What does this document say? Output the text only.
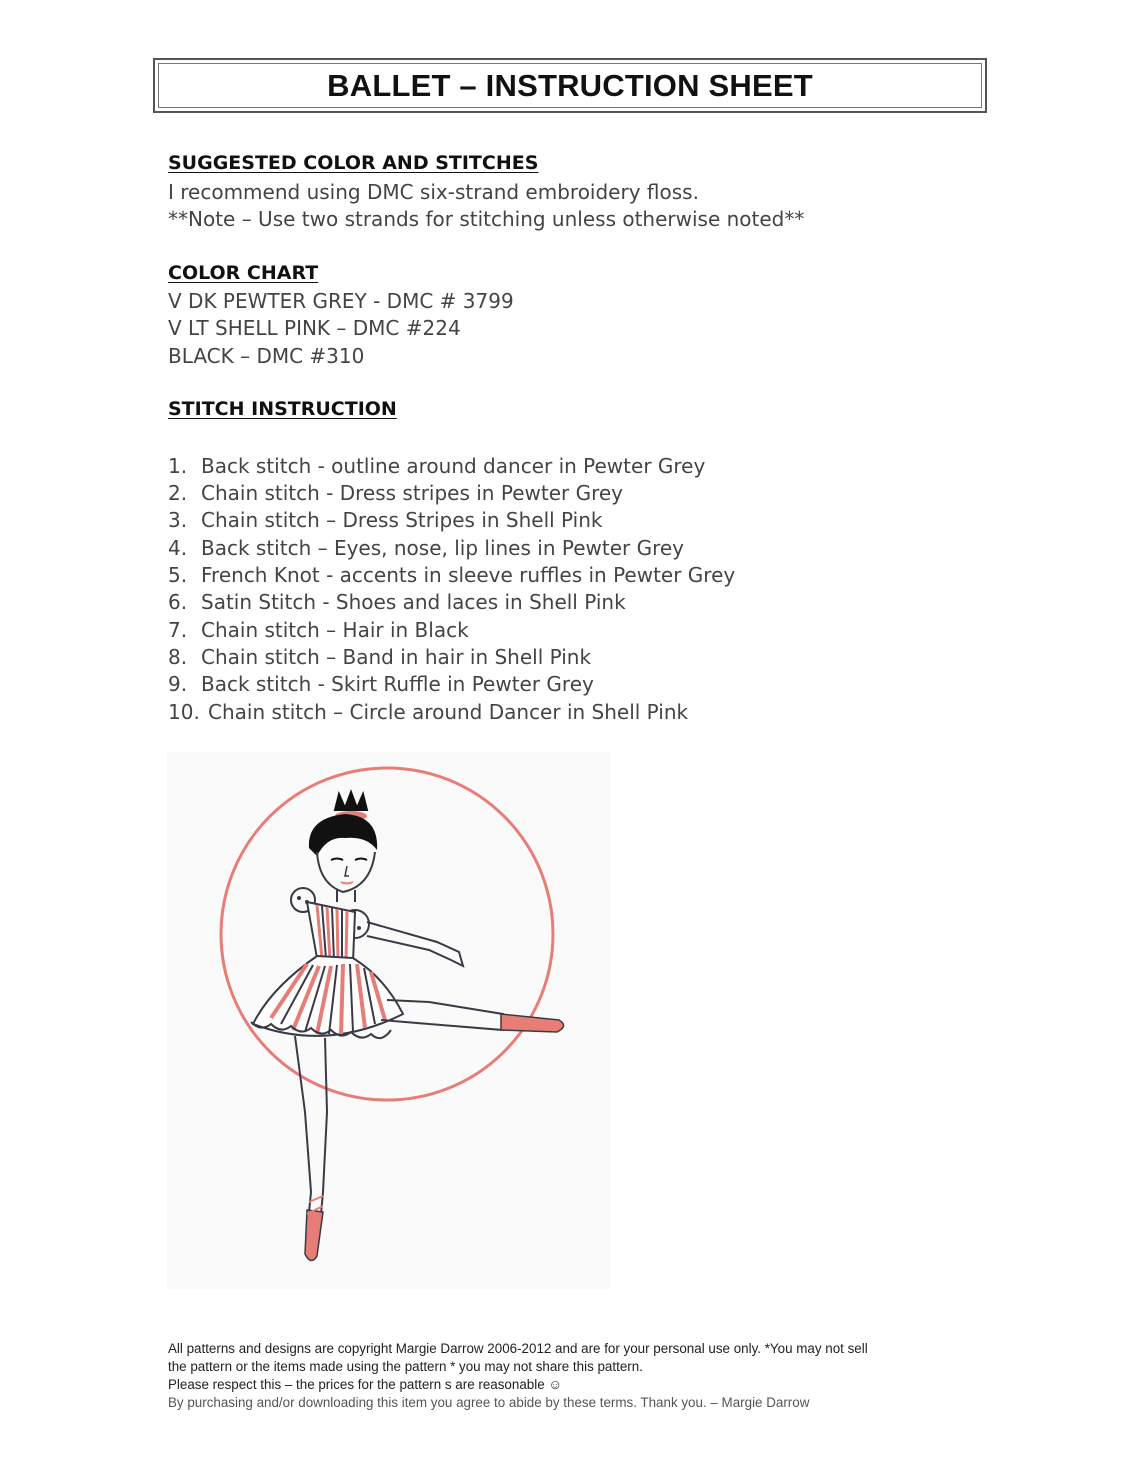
BALLET – INSTRUCTION SHEET
SUGGESTED COLOR AND STITCHES
I recommend using DMC six-strand embroidery floss.
**Note – Use two strands for stitching unless otherwise noted**
COLOR CHART
V DK PEWTER GREY - DMC # 3799
V LT SHELL PINK – DMC #224
BLACK – DMC #310
STITCH INSTRUCTION
1. Back stitch - outline around dancer in Pewter Grey
2. Chain stitch - Dress stripes in Pewter Grey
3. Chain stitch – Dress Stripes in Shell Pink
4. Back stitch – Eyes, nose, lip lines in Pewter Grey
5. French Knot - accents in sleeve ruffles in Pewter Grey
6. Satin Stitch - Shoes and laces in Shell Pink
7. Chain stitch – Hair in Black
8. Chain stitch – Band in hair in Shell Pink
9. Back stitch - Skirt Ruffle in Pewter Grey
10. Chain stitch – Circle around Dancer in Shell Pink
All patterns and designs are copyright Margie Darrow 2006-2012 and are for your personal use only. *You may not sell
the pattern or the items made using the pattern * you may not share this pattern.
Please respect this – the prices for the pattern s are reasonable ☺
By purchasing and/or downloading this item you agree to abide by these terms. Thank you. – Margie Darrow
